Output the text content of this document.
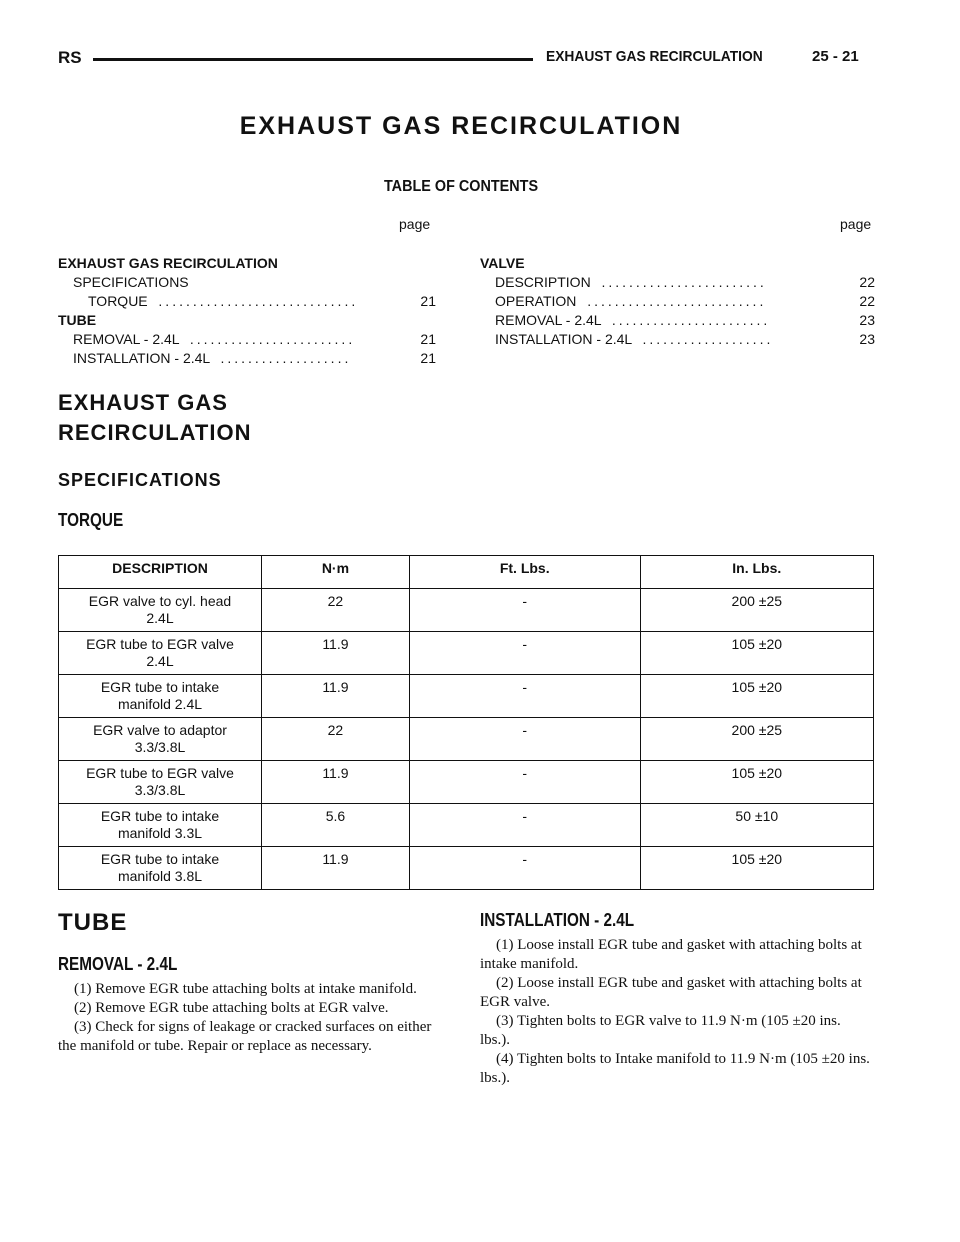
RS	EXHAUST GAS RECIRCULATION	25 - 21
EXHAUST GAS RECIRCULATION
TABLE OF CONTENTS
page	page
EXHAUST GAS RECIRCULATION
SPECIFICATIONS
TORQUE  .............................	21
TUBE
REMOVAL - 2.4L  ........................	21
INSTALLATION - 2.4L  ...................	21
VALVE
DESCRIPTION  ........................	22
OPERATION  ..........................	22
REMOVAL - 2.4L  .......................	23
INSTALLATION - 2.4L  ...................	23
EXHAUST GAS
RECIRCULATION
SPECIFICATIONS
TORQUE
DESCRIPTION	N·m	Ft. Lbs.	In. Lbs.
EGR valve to cyl. head
2.4L	22	-	200 ±25
EGR tube to EGR valve
2.4L	11.9	-	105 ±20
EGR tube to intake
manifold 2.4L	11.9	-	105 ±20
EGR valve to adaptor
3.3/3.8L	22	-	200 ±25
EGR tube to EGR valve
3.3/3.8L	11.9	-	105 ±20
EGR tube to intake
manifold 3.3L	5.6	-	50 ±10
EGR tube to intake
manifold 3.8L	11.9	-	105 ±20
TUBE
REMOVAL - 2.4L

(1) Remove EGR tube attaching bolts at intake manifold.

(2) Remove EGR tube attaching bolts at EGR valve.

(3) Check for signs of leakage or cracked surfaces on either the manifold or tube. Repair or replace as necessary.

INSTALLATION - 2.4L

(1) Loose install EGR tube and gasket with attaching bolts at intake manifold.

(2) Loose install EGR tube and gasket with attaching bolts at EGR valve.

(3) Tighten bolts to EGR valve to 11.9 N·m (105 ±20 ins. lbs.).

(4) Tighten bolts to Intake manifold to 11.9 N·m (105 ±20 ins. lbs.).
